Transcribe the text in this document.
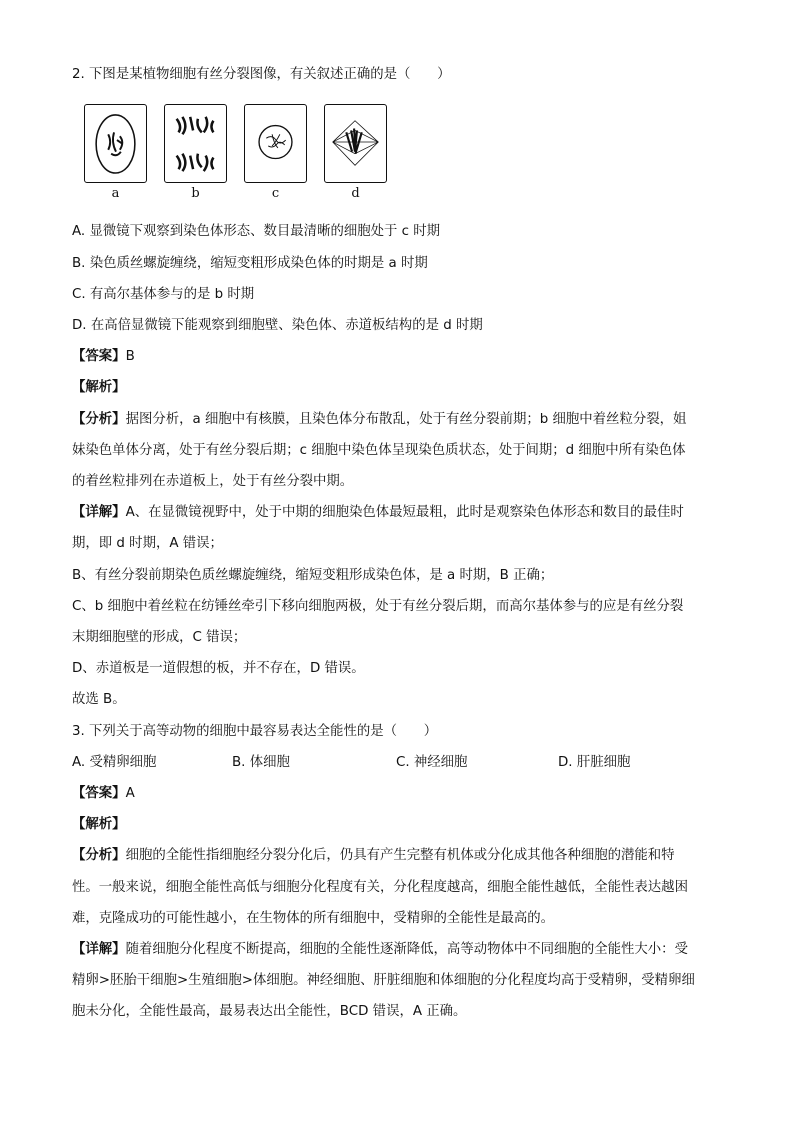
2. 下图是某植物细胞有丝分裂图像，有关叙述正确的是（　　）
a	b	c	d
A. 显微镜下观察到染色体形态、数目最清晰的细胞处于 c 时期
B. 染色质丝螺旋缠绕，缩短变粗形成染色体的时期是 a 时期
C. 有高尔基体参与的是 b 时期
D. 在高倍显微镜下能观察到细胞壁、染色体、赤道板结构的是 d 时期
【答案】B
【解析】
【分析】据图分析，a 细胞中有核膜，且染色体分布散乱，处于有丝分裂前期；b 细胞中着丝粒分裂，姐
妹染色单体分离，处于有丝分裂后期；c 细胞中染色体呈现染色质状态，处于间期；d 细胞中所有染色体
的着丝粒排列在赤道板上，处于有丝分裂中期。
【详解】A、在显微镜视野中，处于中期的细胞染色体最短最粗，此时是观察染色体形态和数目的最佳时
期，即 d 时期，A 错误；
B、有丝分裂前期染色质丝螺旋缠绕，缩短变粗形成染色体，是 a 时期，B 正确；
C、b 细胞中着丝粒在纺锤丝牵引下移向细胞两极，处于有丝分裂后期，而高尔基体参与的应是有丝分裂
末期细胞壁的形成，C 错误；
D、赤道板是一道假想的板，并不存在，D 错误。
故选 B。
3. 下列关于高等动物的细胞中最容易表达全能性的是（　　）
A. 受精卵细胞	B. 体细胞	C. 神经细胞	D. 肝脏细胞
【答案】A
【解析】
【分析】细胞的全能性指细胞经分裂分化后，仍具有产生完整有机体或分化成其他各种细胞的潜能和特
性。一般来说，细胞全能性高低与细胞分化程度有关，分化程度越高，细胞全能性越低，全能性表达越困
难，克隆成功的可能性越小，在生物体的所有细胞中，受精卵的全能性是最高的。
【详解】随着细胞分化程度不断提高，细胞的全能性逐渐降低，高等动物体中不同细胞的全能性大小：受
精卵>胚胎干细胞>生殖细胞>体细胞。神经细胞、肝脏细胞和体细胞的分化程度均高于受精卵，受精卵细
胞未分化，全能性最高，最易表达出全能性，BCD 错误，A 正确。
